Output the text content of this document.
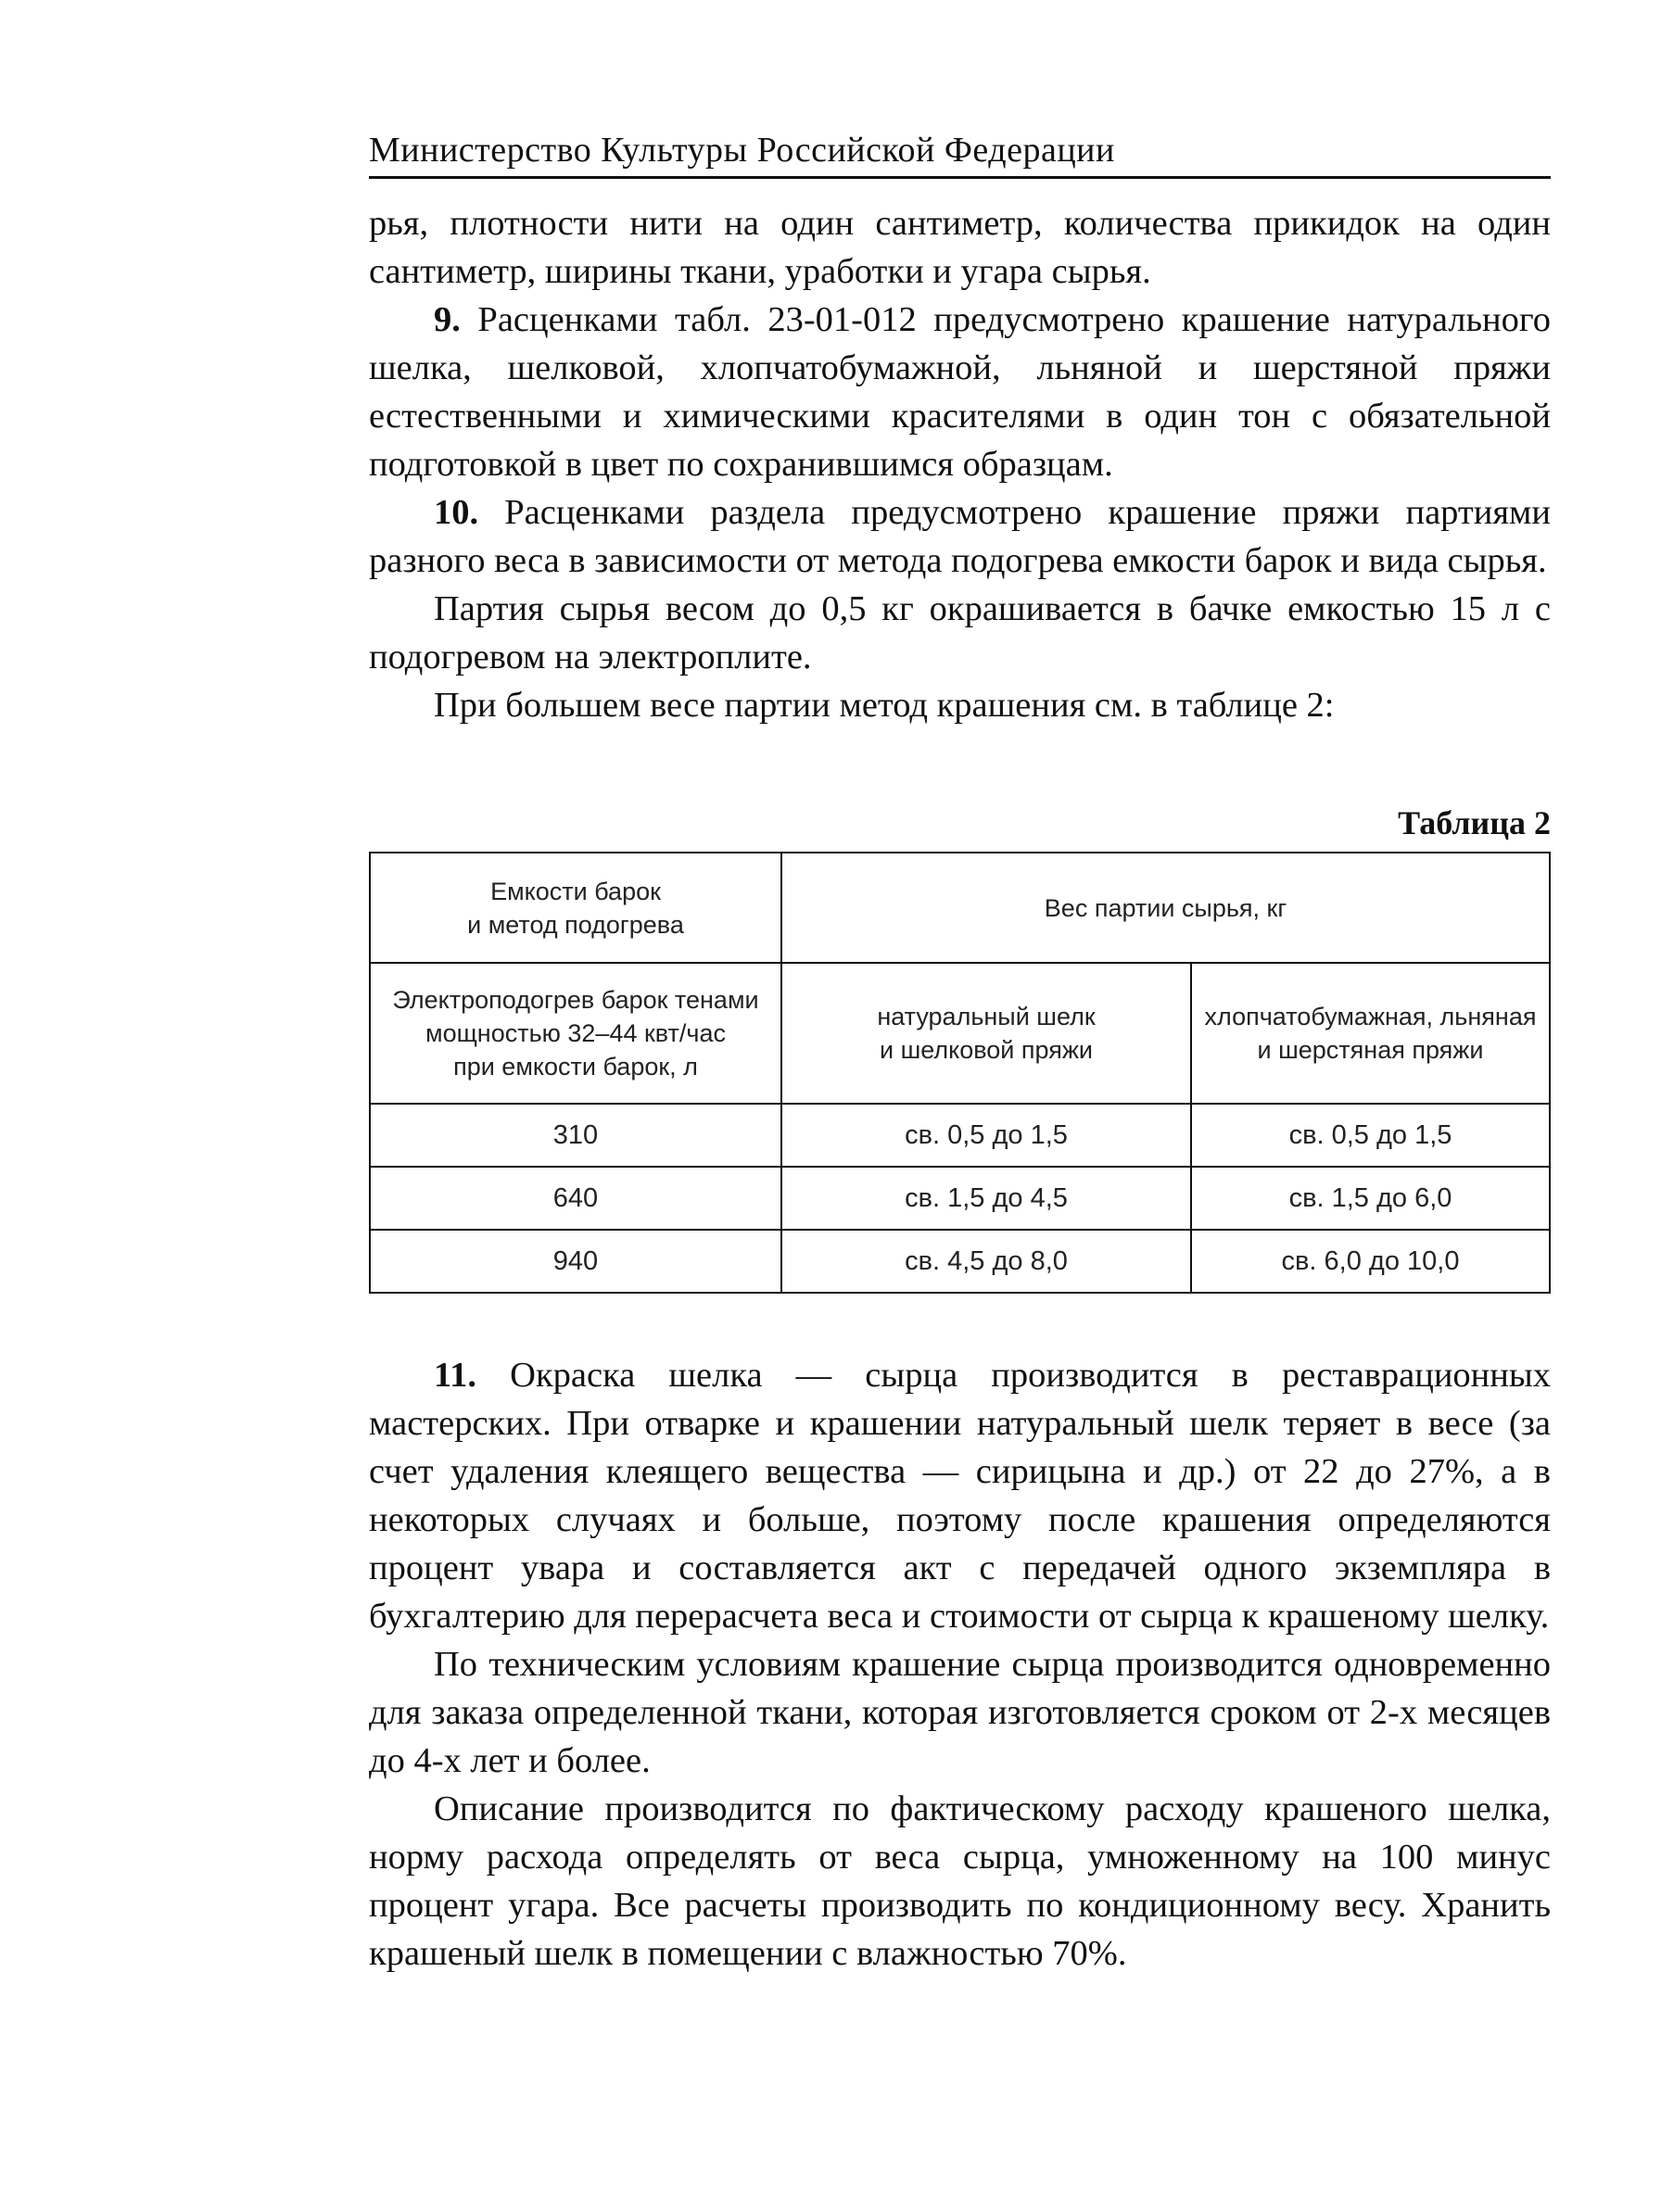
Министерство Культуры Российской Федерации

рья, плотности нити на один сантиметр, количества прикидок на один сантиметр, ширины ткани, уработки и угара сырья.

9. Расценками табл. 23-01-012 предусмотрено крашение натурального шелка, шелковой, хлопчатобумажной, льняной и шерстяной пряжи естественными и химическими красителями в один тон с обязательной подготовкой в цвет по сохранившимся образцам.

10. Расценками раздела предусмотрено крашение пряжи партиями разного веса в зависимости от метода подогрева емкости барок и вида сырья.

Партия сырья весом до 0,5 кг окрашивается в бачке емкостью 15 л с подогревом на электроплите.

При большем весе партии метод крашения см. в таблице 2:

Таблица 2
Емкости барок
и метод подогрева	Вес партии сырья, кг	

Электроподогрев барок тенами
мощностью 32–44 квт/час
при емкости барок, л	натуральный шелк
и шелковой пряжи	хлопчатобумажная, льняная
и шерстяная пряжи

310	св. 0,5 до 1,5	св. 0,5 до 1,5
640	св. 1,5 до 4,5	св. 1,5 до 6,0
940	св. 4,5 до 8,0	св. 6,0 до 10,0

11. Окраска шелка — сырца производится в реставрационных мастерских. При отварке и крашении натуральный шелк теряет в весе (за счет удаления клеящего вещества — сирицына и др.) от 22 до 27%, а в некоторых случаях и больше, поэтому после крашения определяются процент увара и составляется акт с передачей одного экземпляра в бухгалтерию для перерасчета веса и стоимости от сырца к крашеному шелку.

По техническим условиям крашение сырца производится одновременно для заказа определенной ткани, которая изготовляется сроком от 2-х месяцев до 4-х лет и более.

Описание производится по фактическому расходу крашеного шелка, норму расхода определять от веса сырца, умноженному на 100 минус процент угара. Все расчеты производить по кондиционному весу. Хранить крашеный шелк в помещении с влажностью 70%.
